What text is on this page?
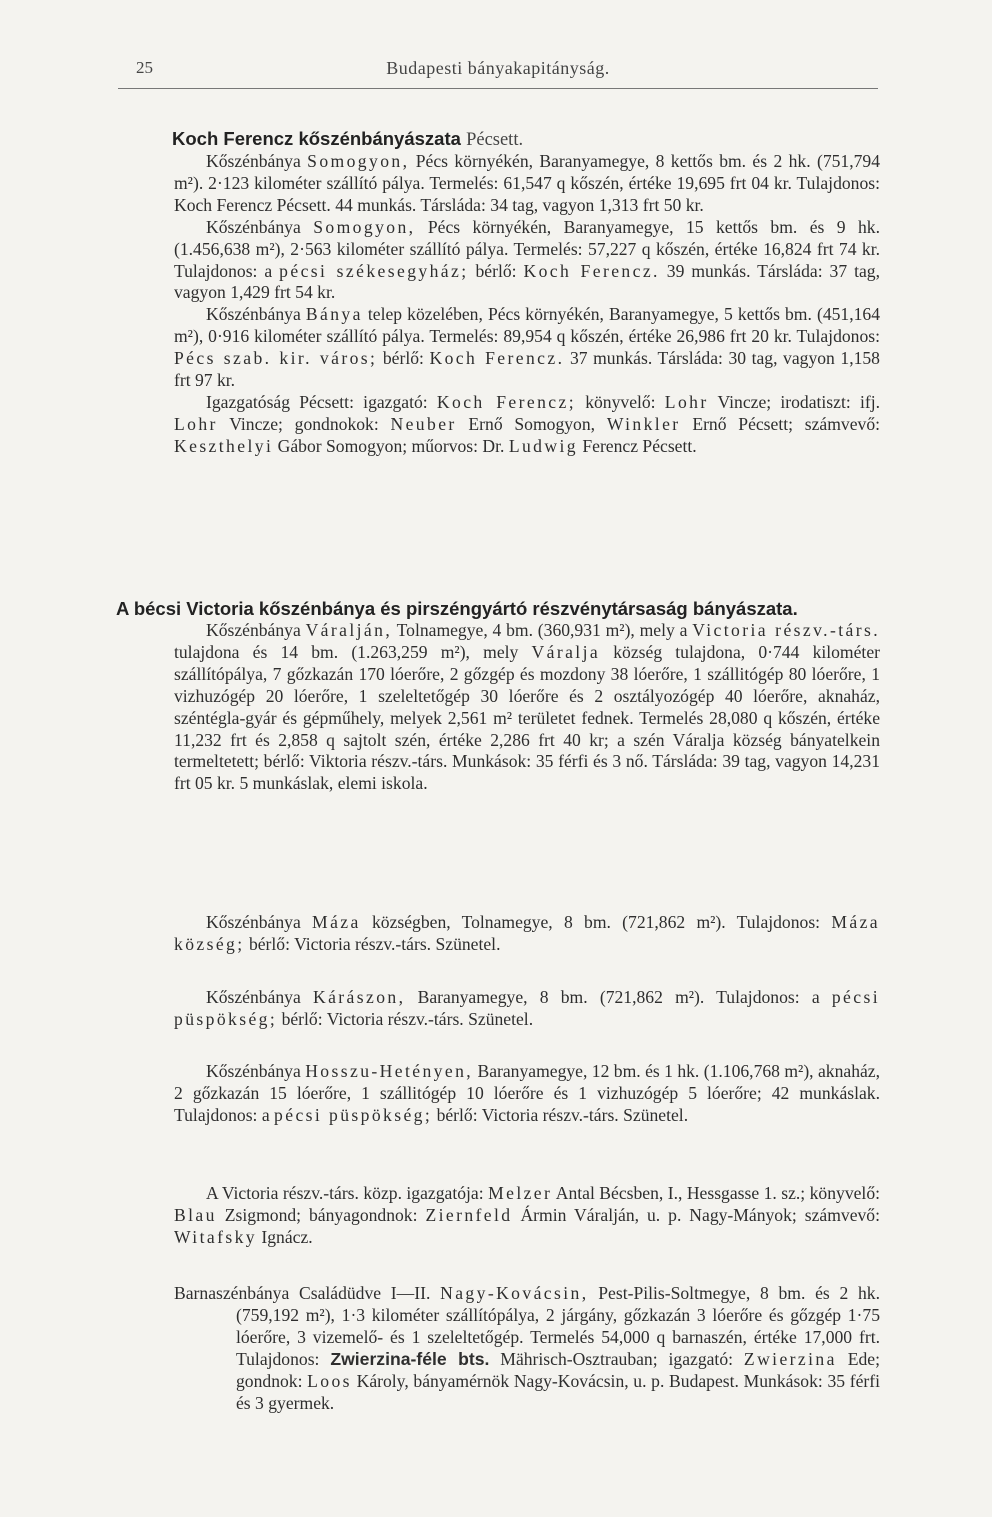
25	Budapesti bányakapitányság.
Koch Ferencz kőszénbányászata Pécsett.

Kőszénbánya Somogyon, Pécs környékén, Baranyamegye, 8 kettős bm. és 2 hk. (751,794 m²). 2·123 kilométer szállító pálya. Termelés: 61,547 q kőszén, értéke 19,695 frt 04 kr. Tulajdonos: Koch Ferencz Pécsett. 44 munkás. Társláda: 34 tag, vagyon 1,313 frt 50 kr.

Kőszénbánya Somogyon, Pécs környékén, Baranyamegye, 15 kettős bm. és 9 hk. (1.456,638 m²), 2·563 kilométer szállító pálya. Termelés: 57,227 q kőszén, értéke 16,824 frt 74 kr. Tulajdonos: a pécsi székesegyház; bérlő: Koch Ferencz. 39 munkás. Társláda: 37 tag, vagyon 1,429 frt 54 kr.

Kőszénbánya Bánya telep közelében, Pécs környékén, Baranyamegye, 5 kettős bm. (451,164 m²), 0·916 kilométer szállító pálya. Termelés: 89,954 q kőszén, értéke 26,986 frt 20 kr. Tulajdonos: Pécs szab. kir. város; bérlő: Koch Ferencz. 37 munkás. Társláda: 30 tag, vagyon 1,158 frt 97 kr.

Igazgatóság Pécsett: igazgató: Koch Ferencz; könyvelő: Lohr Vincze; irodatiszt: ifj. Lohr Vincze; gondnokok: Neuber Ernő Somogyon, Winkler Ernő Pécsett; számvevő: Keszthelyi Gábor Somogyon; műorvos: Dr. Ludwig Ferencz Pécsett.

A bécsi Victoria kőszénbánya és pirszéngyártó részvénytársaság bányászata.

Kőszénbánya Váralján, Tolnamegye, 4 bm. (360,931 m²), mely a Victoria részv.-társ. tulajdona és 14 bm. (1.263,259 m²), mely Váralja község tulajdona, 0·744 kilométer szállítópálya, 7 gőzkazán 170 lóerőre, 2 gőzgép és mozdony 38 lóerőre, 1 szállitógép 80 lóerőre, 1 vizhuzógép 20 lóerőre, 1 szeleltetőgép 30 lóerőre és 2 osztályozógép 40 lóerőre, aknaház, széntégla-gyár és gépműhely, melyek 2,561 m² területet fednek. Termelés 28,080 q kőszén, értéke 11,232 frt és 2,858 q sajtolt szén, értéke 2,286 frt 40 kr; a szén Váralja község bányatelkein termeltetett; bérlő: Viktoria részv.-társ. Munkások: 35 férfi és 3 nő. Társláda: 39 tag, vagyon 14,231 frt 05 kr. 5 munkáslak, elemi iskola.

Kőszénbánya Máza községben, Tolnamegye, 8 bm. (721,862 m²). Tulajdonos: Máza község; bérlő: Victoria részv.-társ. Szünetel.

Kőszénbánya Kárászon, Baranyamegye, 8 bm. (721,862 m²). Tulajdonos: a pécsi püspökség; bérlő: Victoria részv.-társ. Szünetel.

Kőszénbánya Hosszu-Hetényen, Baranyamegye, 12 bm. és 1 hk. (1.106,768 m²), aknaház, 2 gőzkazán 15 lóerőre, 1 szállitógép 10 lóerőre és 1 vizhuzógép 5 lóerőre; 42 munkáslak. Tulajdonos: a pécsi püspökség; bérlő: Victoria részv.-társ. Szünetel.

A Victoria részv.-társ. közp. igazgatója: Melzer Antal Bécsben, I., Hessgasse 1. sz.; könyvelő: Blau Zsigmond; bányagondnok: Ziernfeld Ármin Váralján, u. p. Nagy-Mányok; számvevő: Witafsky Ignácz.

Barnaszénbánya Családüdve I—II. Nagy-Kovácsin, Pest-Pilis-Soltmegye, 8 bm. és 2 hk. (759,192 m²), 1·3 kilométer szállítópálya, 2 járgány, gőzkazán 3 lóerőre és gőzgép 1·75 lóerőre, 3 vizemelő- és 1 szeleltetőgép. Termelés 54,000 q barnaszén, értéke 17,000 frt. Tulajdonos: Zwierzina-féle bts. Mährisch-Osztrauban; igazgató: Zwierzina Ede; gondnok: Loos Károly, bányamérnök Nagy-Kovácsin, u. p. Budapest. Munkások: 35 férfi és 3 gyermek.
